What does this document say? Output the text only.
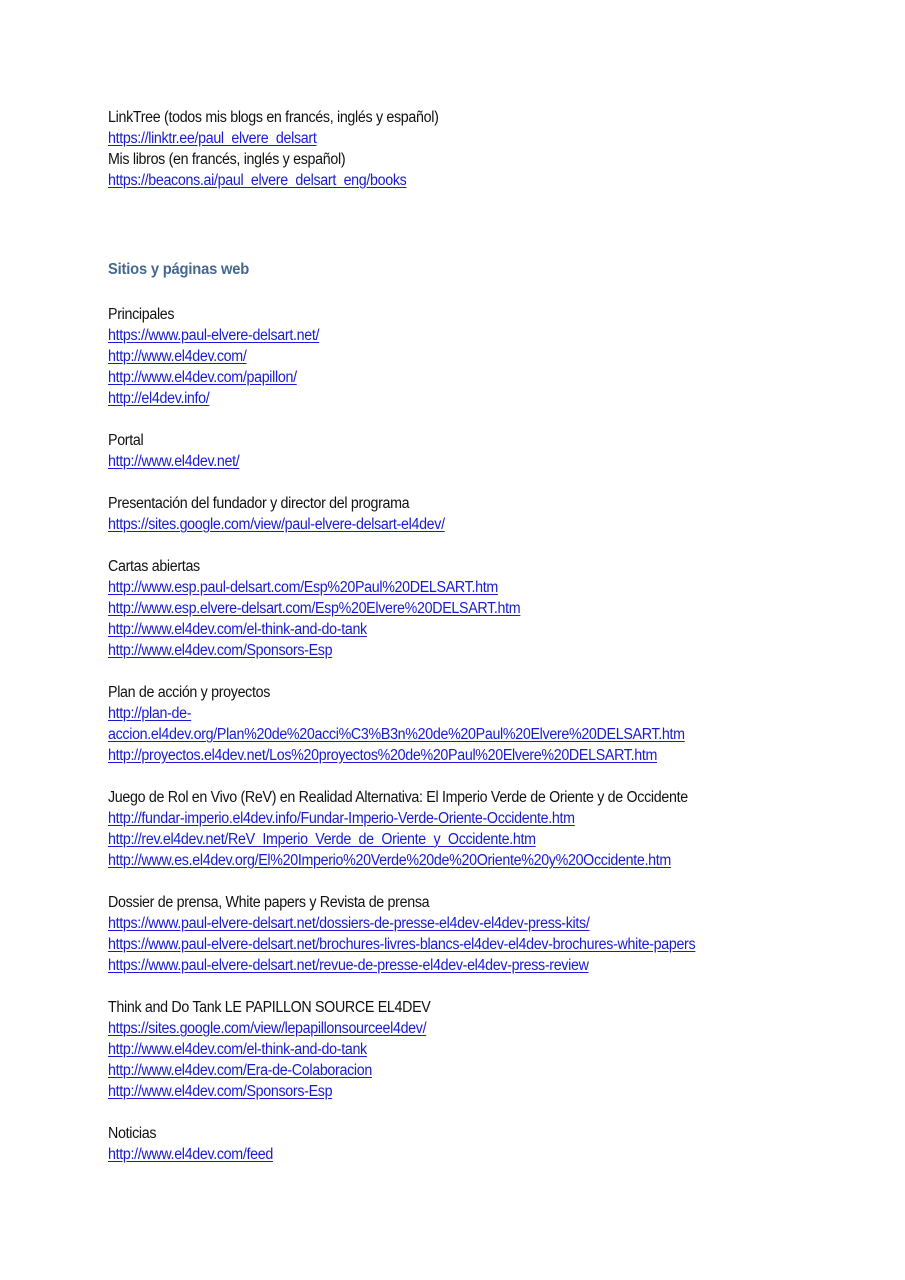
LinkTree (todos mis blogs en francés, inglés y español)
https://linktr.ee/paul_elvere_delsart
Mis libros (en francés, inglés y español)
https://beacons.ai/paul_elvere_delsart_eng/books
Sitios y páginas web
Principales
https://www.paul-elvere-delsart.net/
http://www.el4dev.com/
http://www.el4dev.com/papillon/
http://el4dev.info/
Portal
http://www.el4dev.net/
Presentación del fundador y director del programa
https://sites.google.com/view/paul-elvere-delsart-el4dev/
Cartas abiertas
http://www.esp.paul-delsart.com/Esp%20Paul%20DELSART.htm
http://www.esp.elvere-delsart.com/Esp%20Elvere%20DELSART.htm
http://www.el4dev.com/el-think-and-do-tank
http://www.el4dev.com/Sponsors-Esp
Plan de acción y proyectos
http://plan-de-
accion.el4dev.org/Plan%20de%20acci%C3%B3n%20de%20Paul%20Elvere%20DELSART.htm
http://proyectos.el4dev.net/Los%20proyectos%20de%20Paul%20Elvere%20DELSART.htm
Juego de Rol en Vivo (ReV) en Realidad Alternativa: El Imperio Verde de Oriente y de Occidente
http://fundar-imperio.el4dev.info/Fundar-Imperio-Verde-Oriente-Occidente.htm
http://rev.el4dev.net/ReV_Imperio_Verde_de_Oriente_y_Occidente.htm
http://www.es.el4dev.org/El%20Imperio%20Verde%20de%20Oriente%20y%20Occidente.htm
Dossier de prensa, White papers y Revista de prensa
https://www.paul-elvere-delsart.net/dossiers-de-presse-el4dev-el4dev-press-kits/
https://www.paul-elvere-delsart.net/brochures-livres-blancs-el4dev-el4dev-brochures-white-papers
https://www.paul-elvere-delsart.net/revue-de-presse-el4dev-el4dev-press-review
Think and Do Tank LE PAPILLON SOURCE EL4DEV
https://sites.google.com/view/lepapillonsourceel4dev/
http://www.el4dev.com/el-think-and-do-tank
http://www.el4dev.com/Era-de-Colaboracion
http://www.el4dev.com/Sponsors-Esp
Noticias
http://www.el4dev.com/feed
